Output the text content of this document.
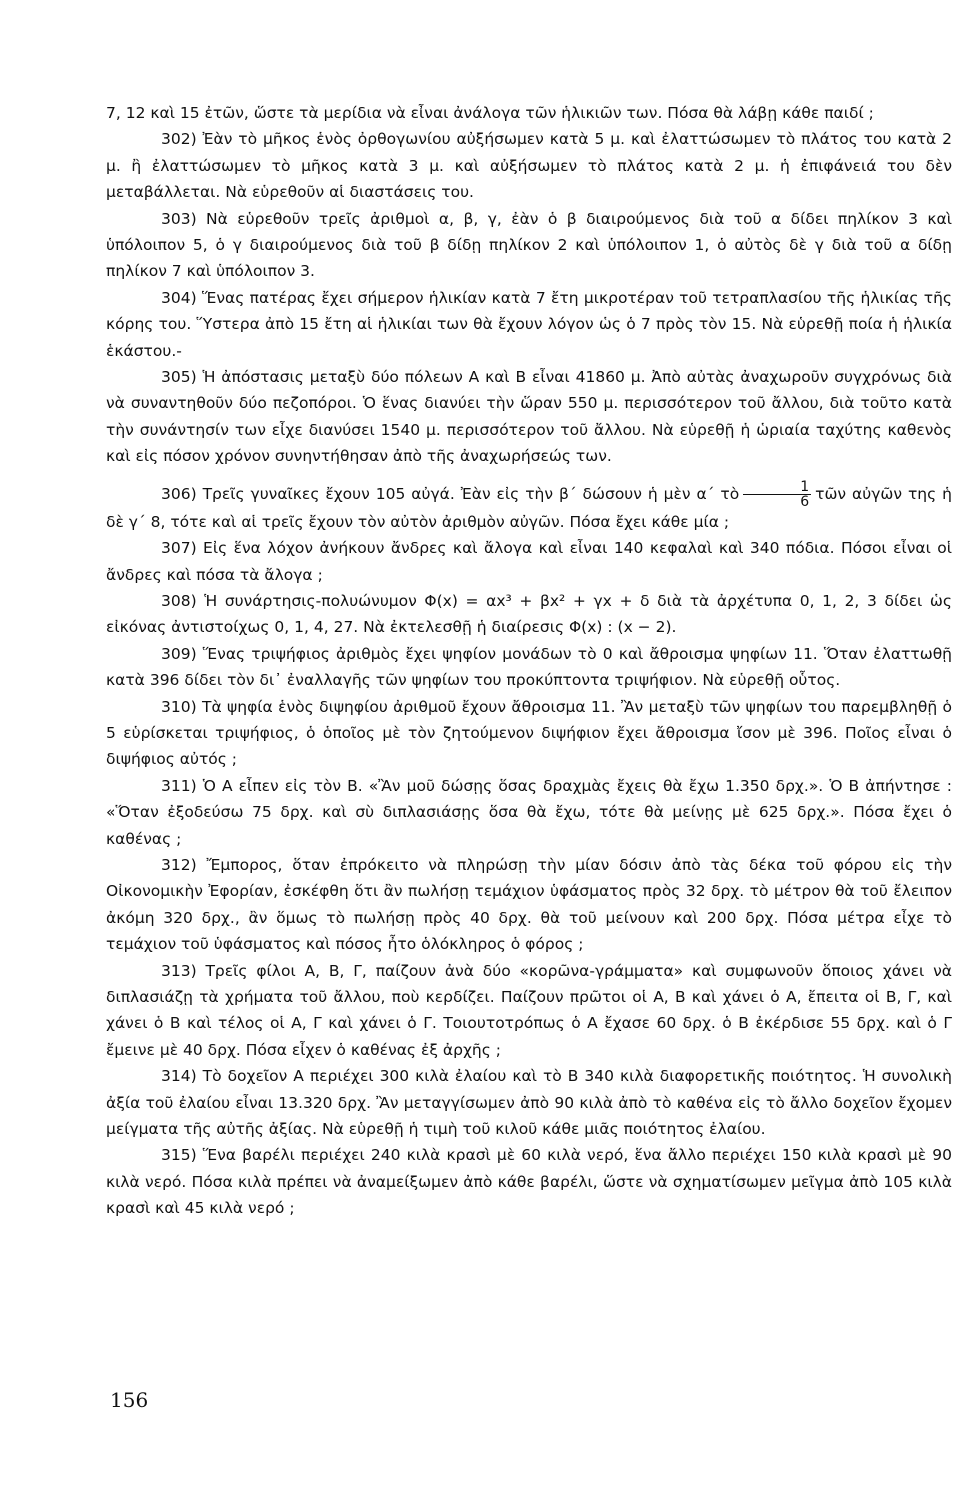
7, 12 καὶ 15 ἐτῶν, ὥστε τὰ μερίδια νὰ εἶναι ἀνάλογα τῶν ἡλικιῶν των. Πόσα θὰ λάβῃ κάθε παιδί ;

302) Ἐὰν τὸ μῆκος ἑνὸς ὀρθογωνίου αὐξήσωμεν κατὰ 5 μ. καὶ ἐλαττώσωμεν τὸ πλάτος του κατὰ 2 μ. ἢ ἐλαττώσωμεν τὸ μῆκος κατὰ 3 μ. καὶ αὐξήσωμεν τὸ πλάτος κατὰ 2 μ. ἡ ἐπιφάνειά του δὲν μεταβάλλεται. Νὰ εὑρεθοῦν αἱ διαστάσεις του.

303) Νὰ εὑρεθοῦν τρεῖς ἀριθμοὶ α, β, γ, ἐὰν ὁ β διαιρούμενος διὰ τοῦ α δίδει πηλίκον 3 καὶ ὑπόλοιπον 5, ὁ γ διαιρούμενος διὰ τοῦ β δίδῃ πηλίκον 2 καὶ ὑπόλοιπον 1, ὁ αὐτὸς δὲ γ διὰ τοῦ α δίδῃ πηλίκον 7 καὶ ὑπόλοιπον 3.

304) Ἕνας πατέρας ἔχει σήμερον ἡλικίαν κατὰ 7 ἔτη μικροτέραν τοῦ τετραπλασίου τῆς ἡλικίας τῆς κόρης του. Ὕστερα ἀπὸ 15 ἔτη αἱ ἡλικίαι των θὰ ἔχουν λόγον ὡς ὁ 7 πρὸς τὸν 15. Νὰ εὑρεθῇ ποία ἡ ἡλικία ἑκάστου.-

305) Ἡ ἀπόστασις μεταξὺ δύο πόλεων Α καὶ Β εἶναι 41860 μ. Ἀπὸ αὐτὰς ἀναχωροῦν συγχρόνως διὰ νὰ συναντηθοῦν δύο πεζοπόροι. Ὁ ἕνας διανύει τὴν ὥραν 550 μ. περισσότερον τοῦ ἄλλου, διὰ τοῦτο κατὰ τὴν συνάντησίν των εἶχε διανύσει 1540 μ. περισσότερον τοῦ ἄλλου. Νὰ εὑρεθῇ ἡ ὡριαία ταχύτης καθενὸς καὶ εἰς πόσον χρόνον συνηντήθησαν ἀπὸ τῆς ἀναχωρήσεώς των.

306) Τρεῖς γυναῖκες ἔχουν 105 αὐγά. Ἐὰν εἰς τὴν β΄ δώσουν ἡ μὲν α΄ τὸ $\frac{1}{6}$ τῶν αὐγῶν της ἡ δὲ γ΄ 8, τότε καὶ αἱ τρεῖς ἔχουν τὸν αὐτὸν ἀριθμὸν αὐγῶν. Πόσα ἔχει κάθε μία ;

307) Εἰς ἕνα λόχον ἀνήκουν ἄνδρες καὶ ἄλογα καὶ εἶναι 140 κεφαλαὶ καὶ 340 πόδια. Πόσοι εἶναι οἱ ἄνδρες καὶ πόσα τὰ ἄλογα ;

308) Ἡ συνάρτησις-πολυώνυμον Φ(x) = αx³ + βx² + γx + δ διὰ τὰ ἀρχέτυπα 0, 1, 2, 3 δίδει ὡς εἰκόνας ἀντιστοίχως 0, 1, 4, 27. Νὰ ἐκτελεσθῇ ἡ διαίρεσις Φ(x) : (x − 2).

309) Ἕνας τριψήφιος ἀριθμὸς ἔχει ψηφίον μονάδων τὸ 0 καὶ ἄθροισμα ψηφίων 11. Ὅταν ἐλαττωθῇ κατὰ 396 δίδει τὸν δι᾽ ἐναλλαγῆς τῶν ψηφίων του προκύπτοντα τριψήφιον. Νὰ εὑρεθῇ οὗτος.

310) Τὰ ψηφία ἑνὸς διψηφίου ἀριθμοῦ ἔχουν ἄθροισμα 11. Ἂν μεταξὺ τῶν ψηφίων του παρεμβληθῇ ὁ 5 εὑρίσκεται τριψήφιος, ὁ ὁποῖος μὲ τὸν ζητούμενον διψήφιον ἔχει ἄθροισμα ἴσον μὲ 396. Ποῖος εἶναι ὁ διψήφιος αὐτός ;

311) Ὁ Α εἶπεν εἰς τὸν Β. «Ἂν μοῦ δώσῃς ὅσας δραχμὰς ἔχεις θὰ ἔχω 1.350 δρχ.». Ὁ Β ἀπήντησε : «Ὅταν ἐξοδεύσω 75 δρχ. καὶ σὺ διπλασιάσῃς ὅσα θὰ ἔχω, τότε θὰ μείνῃς μὲ 625 δρχ.». Πόσα ἔχει ὁ καθένας ;

312) Ἔμπορος, ὅταν ἐπρόκειτο νὰ πληρώσῃ τὴν μίαν δόσιν ἀπὸ τὰς δέκα τοῦ φόρου εἰς τὴν Οἰκονομικὴν Ἐφορίαν, ἐσκέφθη ὅτι ἂν πωλήσῃ τεμάχιον ὑφάσματος πρὸς 32 δρχ. τὸ μέτρον θὰ τοῦ ἔλειπον ἀκόμη 320 δρχ., ἂν ὅμως τὸ πωλήσῃ πρὸς 40 δρχ. θὰ τοῦ μείνουν καὶ 200 δρχ. Πόσα μέτρα εἶχε τὸ τεμάχιον τοῦ ὑφάσματος καὶ πόσος ἦτο ὁλόκληρος ὁ φόρος ;

313) Τρεῖς φίλοι Α, Β, Γ, παίζουν ἀνὰ δύο «κορῶνα-γράμματα» καὶ συμφωνοῦν ὅποιος χάνει νὰ διπλασιάζῃ τὰ χρήματα τοῦ ἄλλου, ποὺ κερδίζει. Παίζουν πρῶτοι οἱ Α, Β καὶ χάνει ὁ Α, ἔπειτα οἱ Β, Γ, καὶ χάνει ὁ Β καὶ τέλος οἱ Α, Γ καὶ χάνει ὁ Γ. Τοιουτοτρόπως ὁ Α ἔχασε 60 δρχ. ὁ Β ἐκέρδισε 55 δρχ. καὶ ὁ Γ ἔμεινε μὲ 40 δρχ. Πόσα εἶχεν ὁ καθένας ἐξ ἀρχῆς ;

314) Τὸ δοχεῖον Α περιέχει 300 κιλὰ ἐλαίου καὶ τὸ Β 340 κιλὰ διαφορετικῆς ποιότητος. Ἡ συνολικὴ ἀξία τοῦ ἐλαίου εἶναι 13.320 δρχ. Ἂν μεταγγίσωμεν ἀπὸ 90 κιλὰ ἀπὸ τὸ καθένα εἰς τὸ ἄλλο δοχεῖον ἔχομεν μείγματα τῆς αὐτῆς ἀξίας. Νὰ εὑρεθῇ ἡ τιμὴ τοῦ κιλοῦ κάθε μιᾶς ποιότητος ἐλαίου.

315) Ἕνα βαρέλι περιέχει 240 κιλὰ κρασὶ μὲ 60 κιλὰ νερό, ἕνα ἄλλο περιέχει 150 κιλὰ κρασὶ μὲ 90 κιλὰ νερό. Πόσα κιλὰ πρέπει νὰ ἀναμείξωμεν ἀπὸ κάθε βαρέλι, ὥστε νὰ σχηματίσωμεν μεῖγμα ἀπὸ 105 κιλὰ κρασὶ καὶ 45 κιλὰ νερό ;

156
